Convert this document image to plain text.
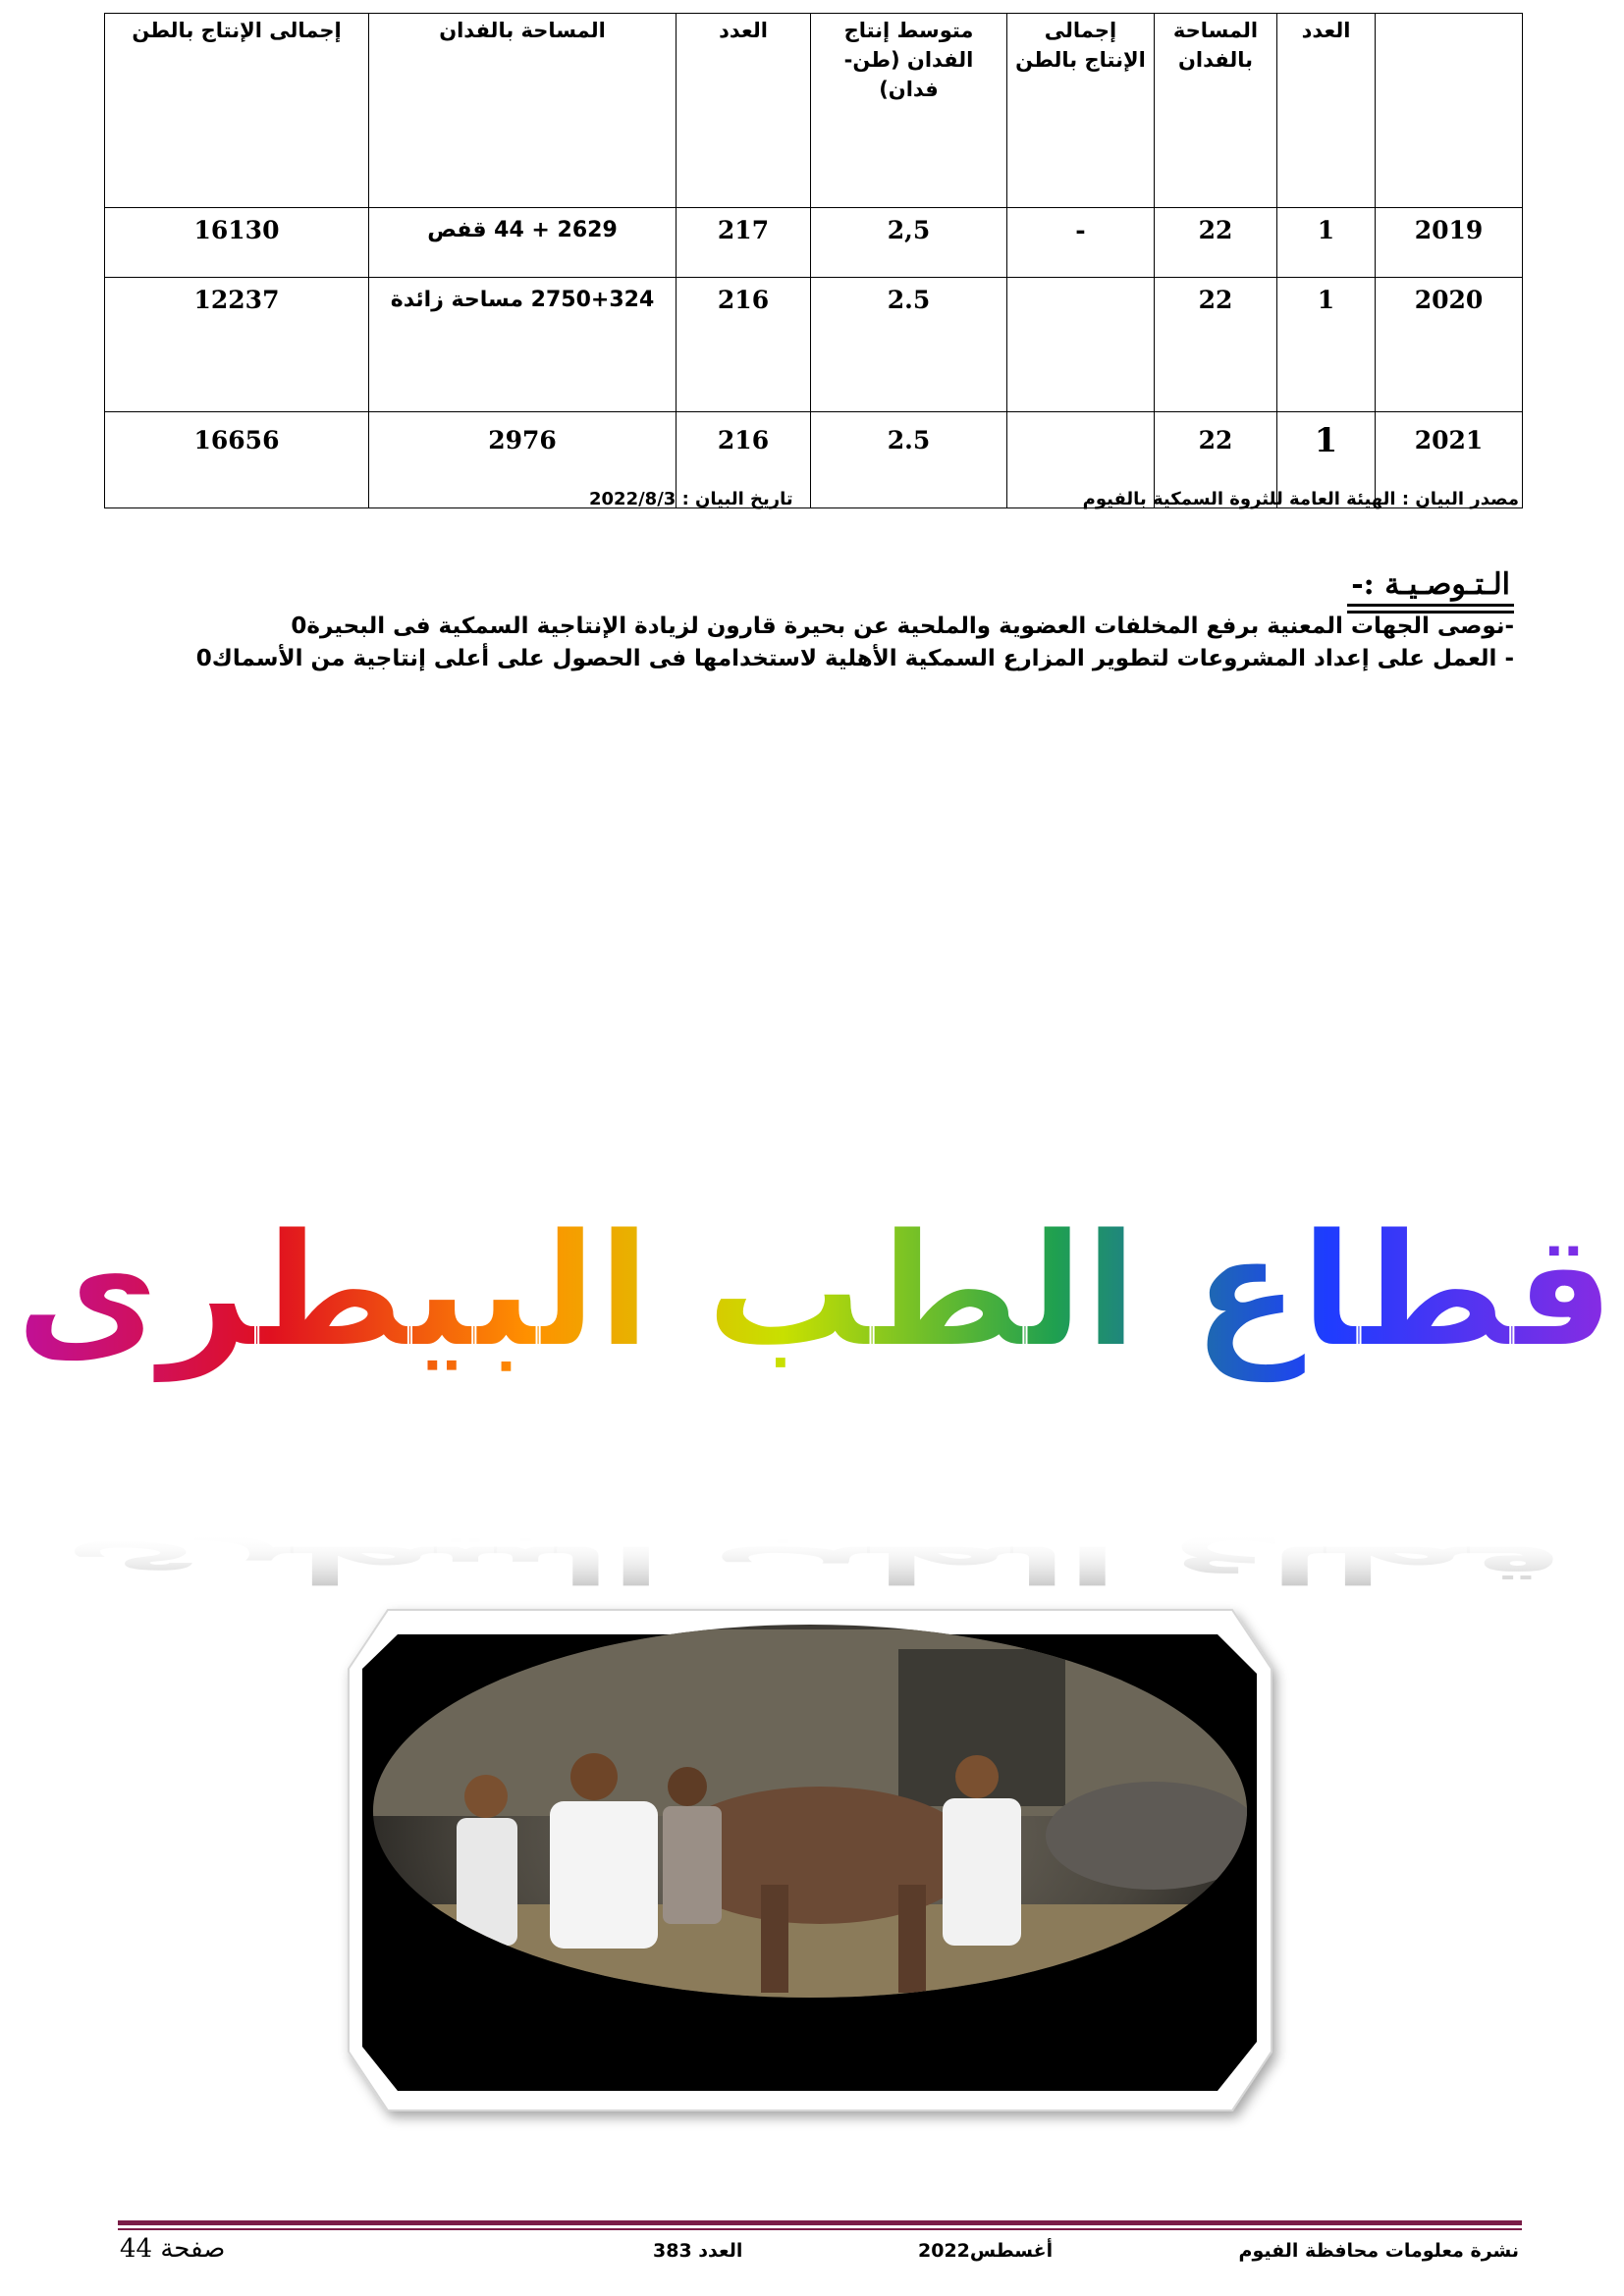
	العدد	المساحة بالفدان	إجمالى الإنتاج بالطن	متوسط إنتاج الفدان (طن-فدان)	العدد	المساحة بالفدان	إجمالى الإنتاج بالطن
2019	1	22	-	2,5	217	2629 + 44 قفص	16130
2020	1	22		2.5	216	2750+324 مساحة زائدة	12237
2021	1	22		2.5	216	2976	16656
مصدر البيان : الهيئة العامة للثروة السمكية بالفيوم
تاريخ البيان : 2022/8/3
الـتـوصـيـة :-
-نوصى الجهات المعنية برفع المخلفات العضوية والملحية عن بحيرة قارون لزيادة الإنتاجية السمكية فى البحيرة0
- العمل على إعداد المشروعات لتطوير المزارع السمكية الأهلية لاستخدامها فى الحصول على أعلى إنتاجية من الأسماك0
قطاع الطب البيطرى
قطاع الطب البيطرى
نشرة معلومات محافظة الفيوم
أغسطس2022
العدد 383
صفحة 44
